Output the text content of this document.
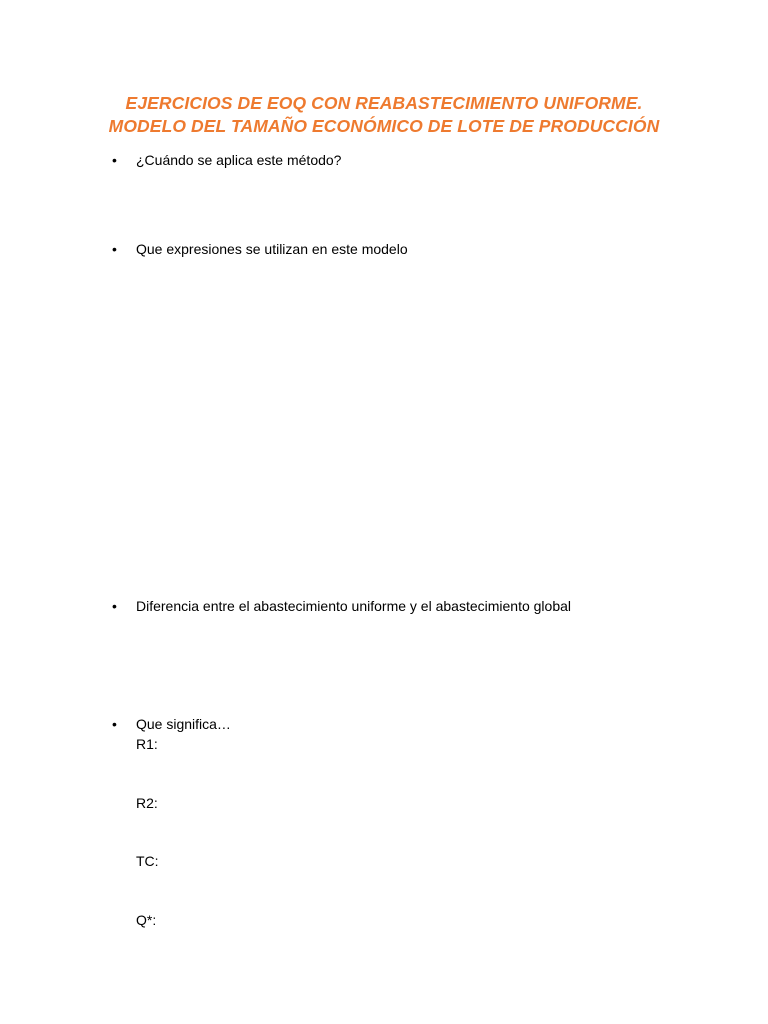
EJERCICIOS DE EOQ CON REABASTECIMIENTO UNIFORME.
MODELO DEL TAMAÑO ECONÓMICO DE LOTE DE PRODUCCIÓN
•	¿Cuándo se aplica este método?
•	Que expresiones se utilizan en este modelo
•	Diferencia entre el abastecimiento uniforme y el abastecimiento global
•	Que significa…
R1:
R2:
TC:
Q*:
